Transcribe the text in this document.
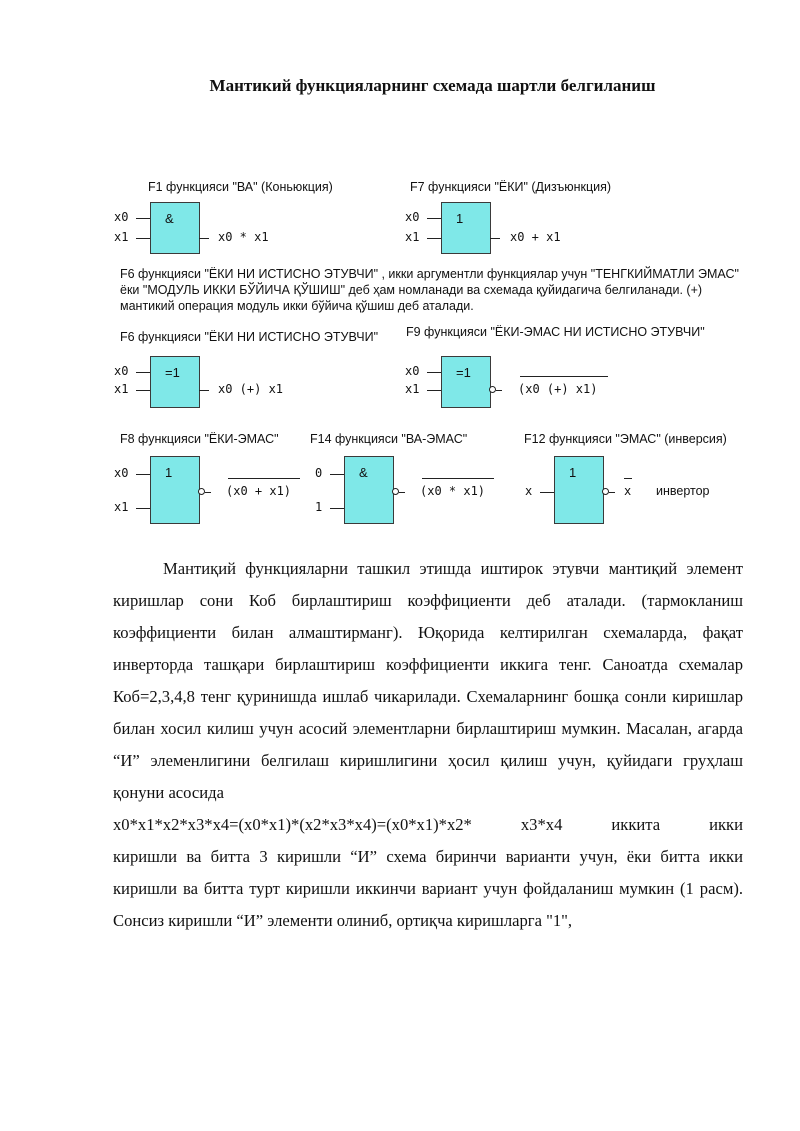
Мантикий функцияларнинг схемада шартли белгиланиш
F1 функцияси "ВА" (Коньюкция)
x0
x1
&
x0 * x1
F7 функцияси "ЁКИ" (Дизъюнкция)
x0
x1
1
x0 + x1
F6 функцияси "ЁКИ НИ ИСТИСНО ЭТУВЧИ" , икки аргументли функциялар учун "ТЕНГКИЙМАТЛИ ЭМАС" ёки "МОДУЛЬ ИККИ БЎЙИЧА ҚЎШИШ" деб ҳам номланади ва схемада қуйидагича белгиланади. (+) мантикий операция модуль икки бўйича қўшиш деб аталади.
F6 функцияси "ЁКИ НИ ИСТИСНО ЭТУВЧИ"
x0
x1
=1
x0 (+) x1
F9 функцияси "ЁКИ-ЭМАС НИ ИСТИСНО ЭТУВЧИ"
x0
x1
=1
(x0 (+) x1)
F8 функцияси "ЁКИ-ЭМАС"
x0
x1
1
(x0 + x1)
F14 функцияси "ВА-ЭМАС"
0
1
&
(x0 * x1)
F12 функцияси "ЭМАС" (инверсия)
x
1
x инвертор

Мантиқий функцияларни ташкил этишда иштирок этувчи мантиқий элемент киришлар сони Коб бирлаштириш коэффициенти деб аталади. (тармокланиш коэффициенти билан алмаштирманг). Юқорида келтирилган схемаларда, фақат инверторда ташқари бирлаштириш коэффициенти иккига тенг. Саноатда схемалар Коб=2,3,4,8 тенг қуринишда ишлаб чикарилади. Схемаларнинг бошқа сонли киришлар билан хосил килиш учун асосий элементларни бирлаштириш мумкин. Масалан, агарда “И” элеменлигини белгилаш киришлигини ҳосил қилиш учун, қуйидаги груҳлаш қонуни асосида

x0*x1*x2*x3*x4=(x0*x1)*(x2*x3*x4)=(x0*x1)*x2* x3*x4 иккита икки

киришли ва битта 3 киришли “И” схема биринчи варианти учун, ёки битта икки киришли ва битта турт киришли иккинчи вариант учун фойдаланиш мумкин (1 расм). Сонсиз киришли “И” элементи олиниб, ортиқча киришларга "1",
